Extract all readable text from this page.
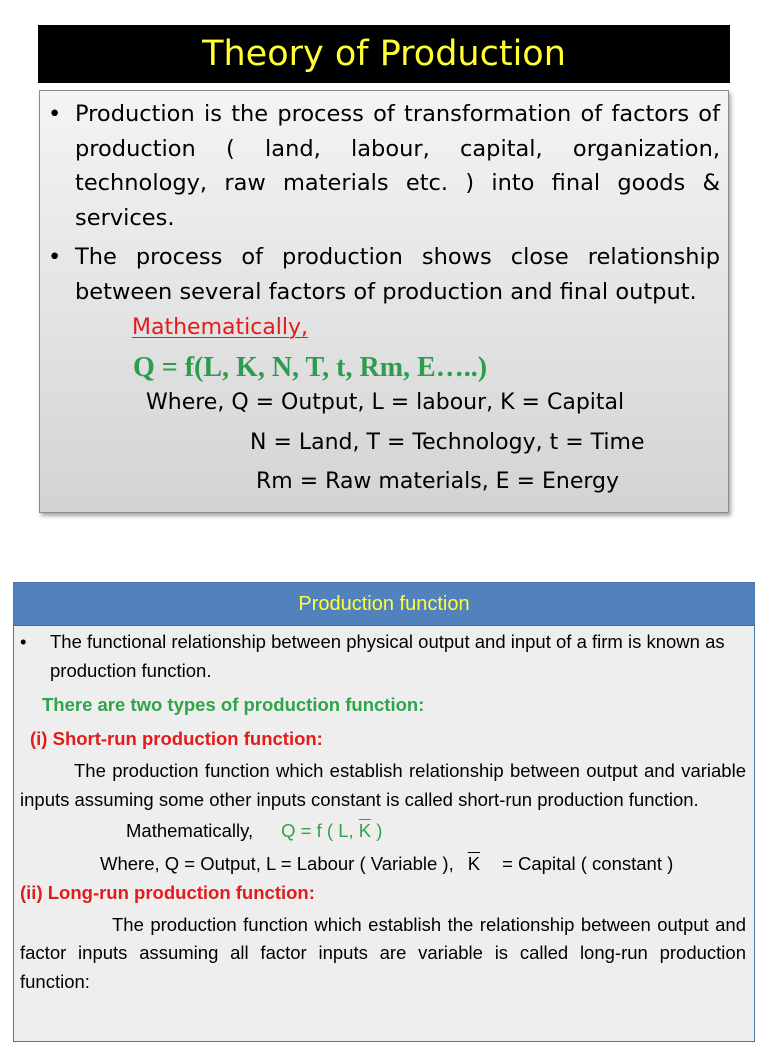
Theory of Production
• Production is the process of transformation of factors of production ( land, labour, capital, organization, technology, raw materials etc. ) into final goods & services.
• The process of production shows close relationship between several factors of production and final output.
Mathematically,
Q = f(L, K, N, T, t, Rm, E…..)
Where, Q = Output, L = labour, K = Capital
N = Land, T = Technology, t = Time
Rm = Raw materials, E = Energy
Production function
•	The functional relationship between physical output and input of a firm is known as production function.
There are two types of production function:
(i) Short-run production function:
The production function which establish relationship between output and variable inputs assuming some other inputs constant is called short-run production function.
Mathematically, Q = f ( L, $\overline{K}$ )
Where, Q = Output, L = Labour ( Variable ), $\overline{K}$ = Capital ( constant )
(ii) Long-run production function:
The production function which establish the relationship between output and factor inputs assuming all factor inputs are variable is called long-run production function:
